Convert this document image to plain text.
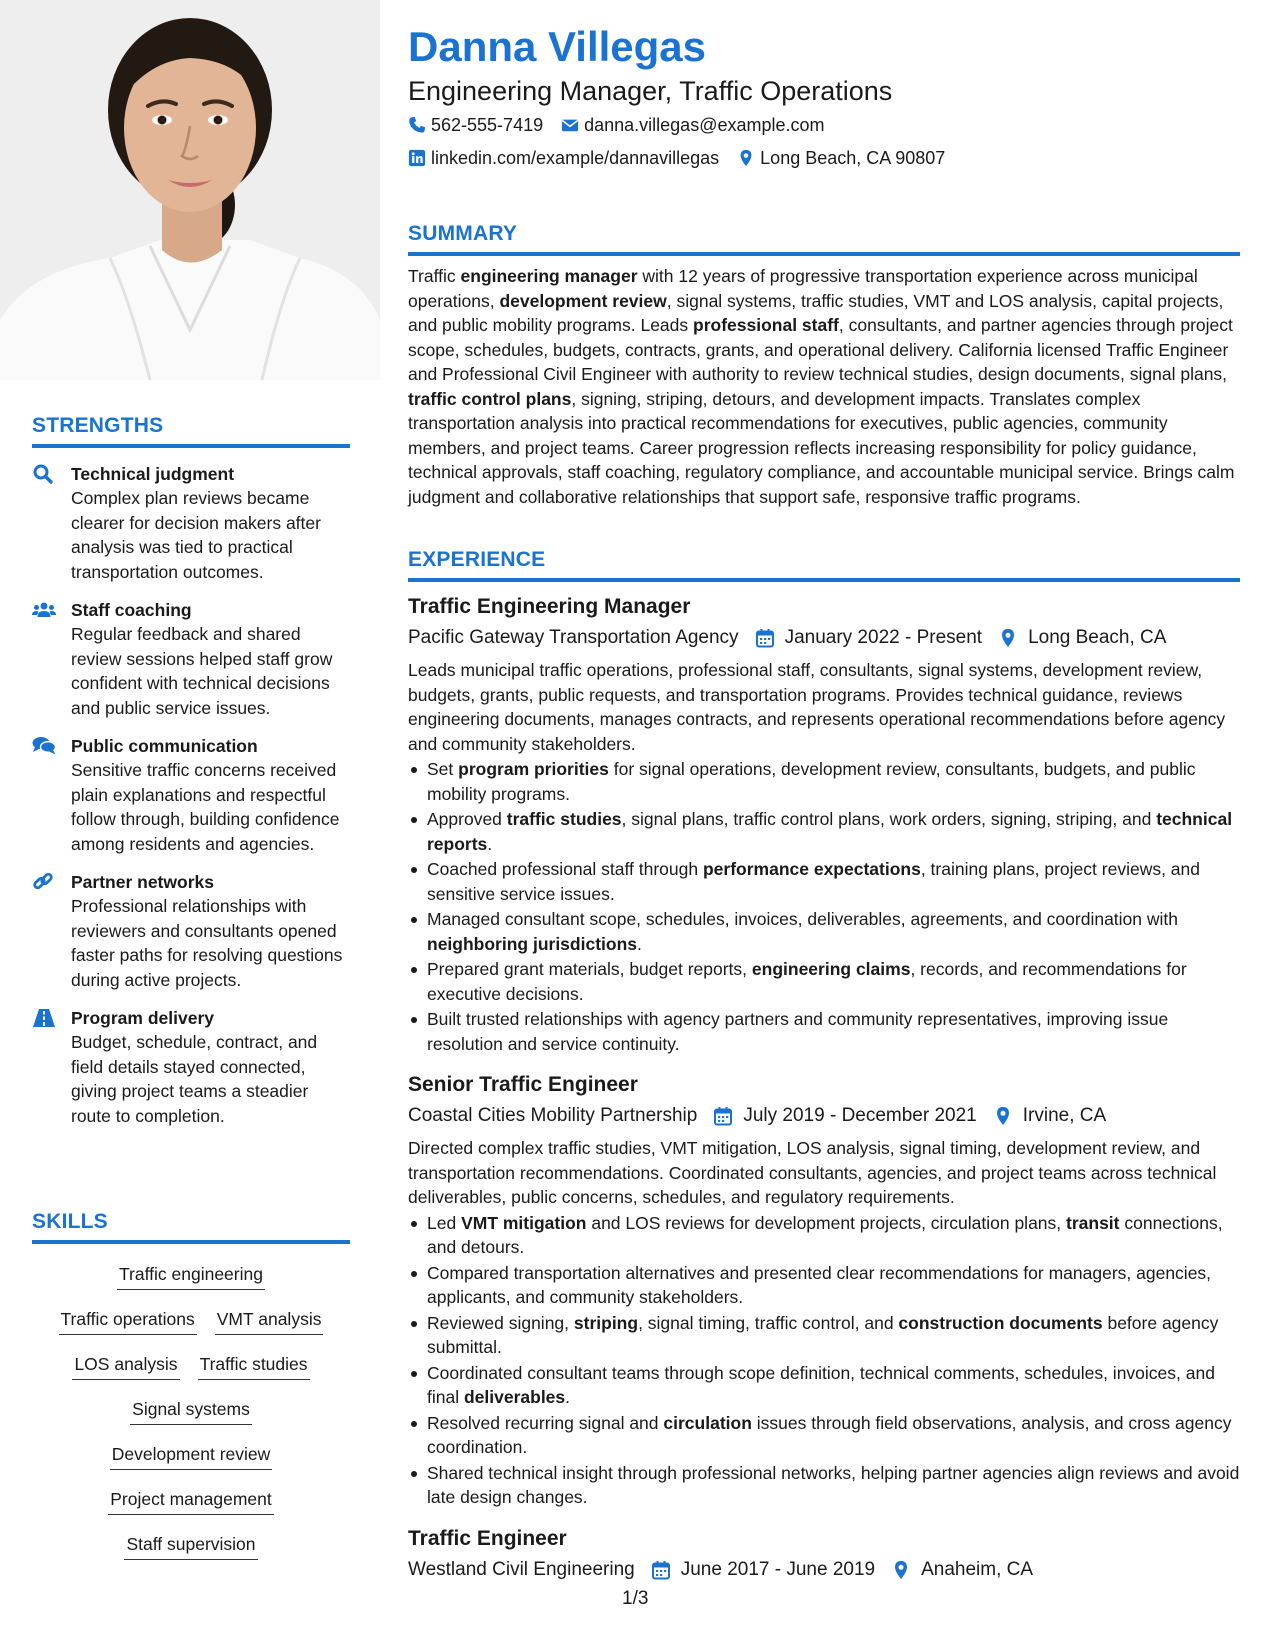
STRENGTHS
Technical judgment
Complex plan reviews became clearer for decision makers after analysis was tied to practical transportation outcomes.
Staff coaching
Regular feedback and shared review sessions helped staff grow confident with technical decisions and public service issues.
Public communication
Sensitive traffic concerns received plain explanations and respectful follow through, building confidence among residents and agencies.
Partner networks
Professional relationships with reviewers and consultants opened faster paths for resolving questions during active projects.
Program delivery
Budget, schedule, contract, and field details stayed connected, giving project teams a steadier route to completion.
SKILLS
Traffic engineering
Traffic operations VMT analysis
LOS analysis Traffic studies
Signal systems
Development review
Project management
Staff supervision
Danna Villegas
Engineering Manager, Traffic Operations
562-555-7419 danna.villegas@example.com
linkedin.com/example/dannavillegas Long Beach, CA 90807
SUMMARY
Traffic engineering manager with 12 years of progressive transportation experience across municipal operations, development review, signal systems, traffic studies, VMT and LOS analysis, capital projects, and public mobility programs. Leads professional staff, consultants, and partner agencies through project scope, schedules, budgets, contracts, grants, and operational delivery. California licensed Traffic Engineer and Professional Civil Engineer with authority to review technical studies, design documents, signal plans, traffic control plans, signing, striping, detours, and development impacts. Translates complex transportation analysis into practical recommendations for executives, public agencies, community members, and project teams. Career progression reflects increasing responsibility for policy guidance, technical approvals, staff coaching, regulatory compliance, and accountable municipal service. Brings calm judgment and collaborative relationships that support safe, responsive traffic programs.
EXPERIENCE
Traffic Engineering Manager
Pacific Gateway Transportation Agency January 2022 - Present Long Beach, CA
Leads municipal traffic operations, professional staff, consultants, signal systems, development review, budgets, grants, public requests, and transportation programs. Provides technical guidance, reviews engineering documents, manages contracts, and represents operational recommendations before agency and community stakeholders.
Set program priorities for signal operations, development review, consultants, budgets, and public mobility programs.
Approved traffic studies, signal plans, traffic control plans, work orders, signing, striping, and technical reports.
Coached professional staff through performance expectations, training plans, project reviews, and sensitive service issues.
Managed consultant scope, schedules, invoices, deliverables, agreements, and coordination with neighboring jurisdictions.
Prepared grant materials, budget reports, engineering claims, records, and recommendations for executive decisions.
Built trusted relationships with agency partners and community representatives, improving issue resolution and service continuity.
Senior Traffic Engineer
Coastal Cities Mobility Partnership July 2019 - December 2021 Irvine, CA
Directed complex traffic studies, VMT mitigation, LOS analysis, signal timing, development review, and transportation recommendations. Coordinated consultants, agencies, and project teams across technical deliverables, public concerns, schedules, and regulatory requirements.
Led VMT mitigation and LOS reviews for development projects, circulation plans, transit connections, and detours.
Compared transportation alternatives and presented clear recommendations for managers, agencies, applicants, and community stakeholders.
Reviewed signing, striping, signal timing, traffic control, and construction documents before agency submittal.
Coordinated consultant teams through scope definition, technical comments, schedules, invoices, and final deliverables.
Resolved recurring signal and circulation issues through field observations, analysis, and cross agency coordination.
Shared technical insight through professional networks, helping partner agencies align reviews and avoid late design changes.
Traffic Engineer
Westland Civil Engineering June 2017 - June 2019 Anaheim, CA
1/3
